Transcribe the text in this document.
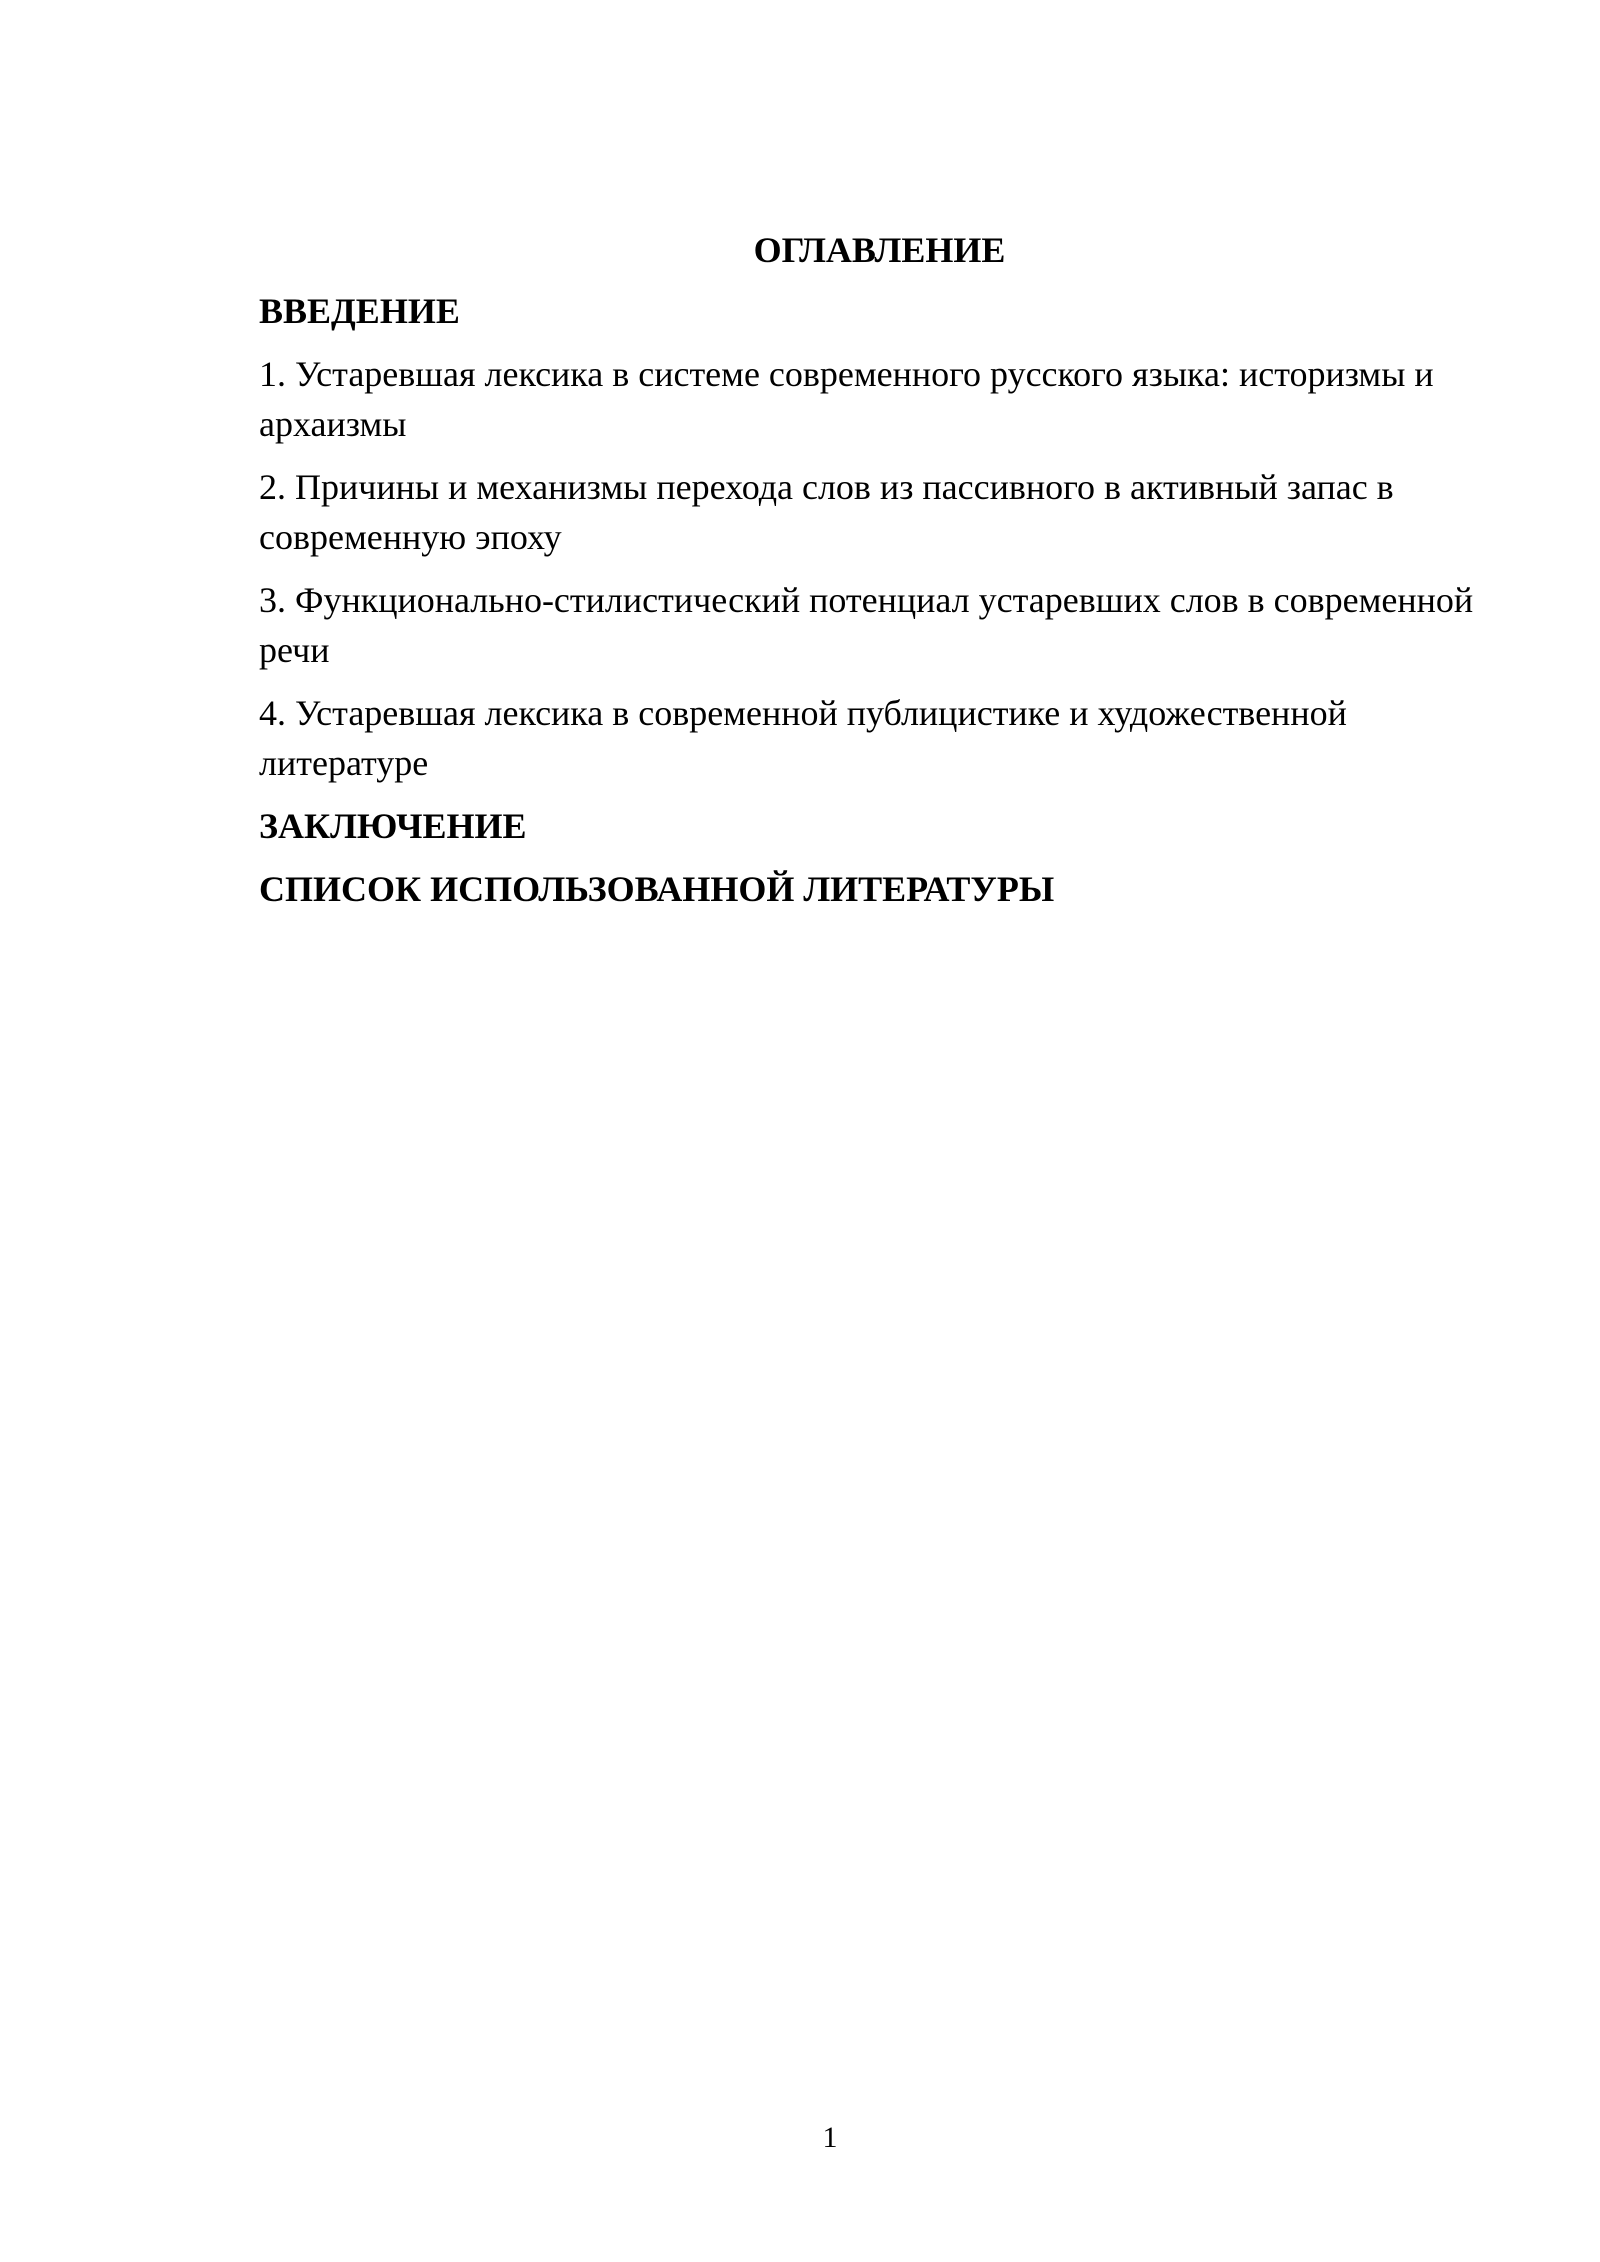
ОГЛАВЛЕНИЕ
ВВЕДЕНИЕ
1. Устаревшая лексика в системе современного русского языка: историзмы и архаизмы
2. Причины и механизмы перехода слов из пассивного в активный запас в современную эпоху
3. Функционально-стилистический потенциал устаревших слов в современной речи
4. Устаревшая лексика в современной публицистике и художественной литературе
ЗАКЛЮЧЕНИЕ
СПИСОК ИСПОЛЬЗОВАННОЙ ЛИТЕРАТУРЫ
1
